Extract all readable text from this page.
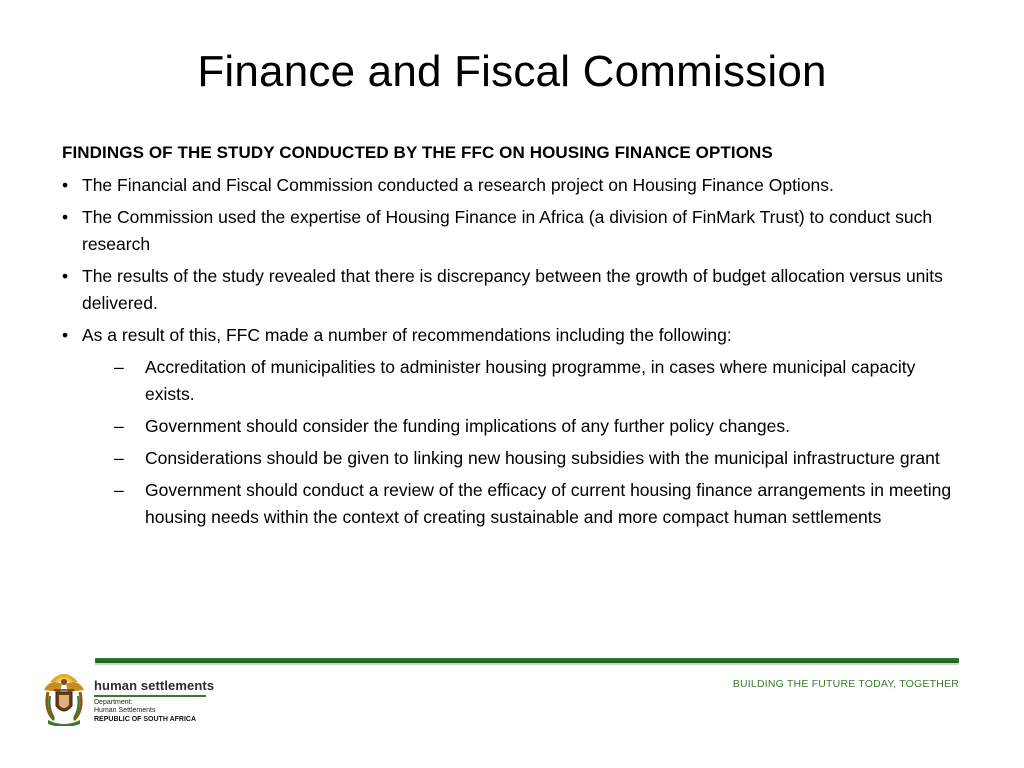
Finance and Fiscal Commission
FINDINGS OF THE STUDY CONDUCTED BY THE FFC ON HOUSING FINANCE OPTIONS
• The Financial and Fiscal Commission conducted a research project on Housing Finance Options.
• The Commission used the expertise of Housing Finance in Africa (a division of FinMark Trust) to conduct such research
• The results of the study revealed that there is discrepancy between the growth of budget allocation versus units delivered.
• As a result of this, FFC made a number of recommendations including the following:
– Accreditation of municipalities to administer housing programme, in cases where municipal capacity exists.
– Government should consider the funding implications of any further policy changes.
– Considerations should be given to linking new housing subsidies with the municipal infrastructure grant
– Government should conduct a review of the efficacy of current housing finance arrangements in meeting housing needs within the context of creating sustainable and more compact human settlements
human settlements
Department:
Human Settlements
REPUBLIC OF SOUTH AFRICA
BUILDING THE FUTURE TODAY, TOGETHER
